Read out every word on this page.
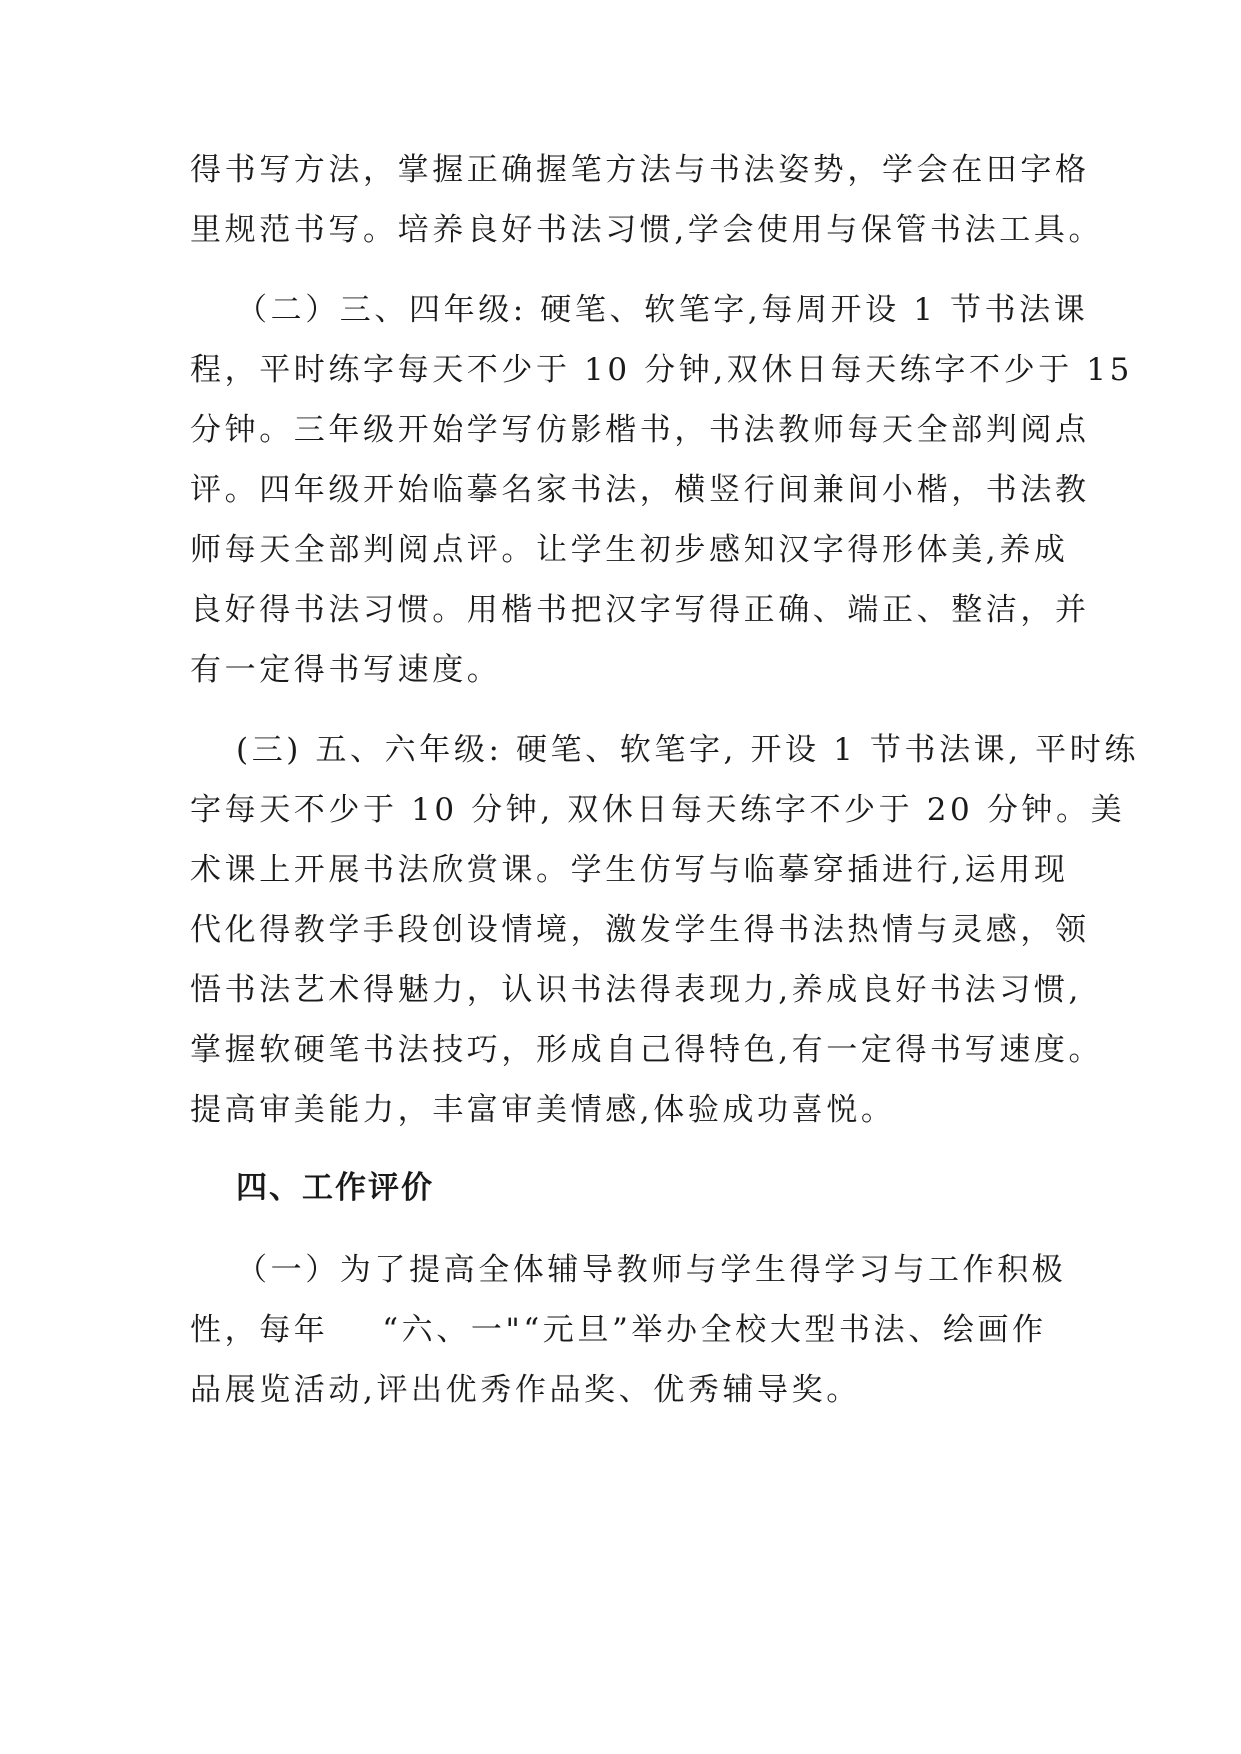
得书写方法，掌握正确握笔方法与书法姿势，学会在田字格
里规范书写。培养良好书法习惯,学会使用与保管书法工具。
（二）三、四年级: 硬笔、软笔字,每周开设 1 节书法课
程，平时练字每天不少于 10 分钟,双休日每天练字不少于 15
分钟。三年级开始学写仿影楷书，书法教师每天全部判阅点
评。四年级开始临摹名家书法，横竖行间兼间小楷，书法教
师每天全部判阅点评。让学生初步感知汉字得形体美,养成
良好得书法习惯。用楷书把汉字写得正确、端正、整洁，并
有一定得书写速度。
(三) 五、六年级: 硬笔、软笔字, 开设 1 节书法课, 平时练
字每天不少于 10 分钟, 双休日每天练字不少于 20 分钟。美
术课上开展书法欣赏课。学生仿写与临摹穿插进行,运用现
代化得教学手段创设情境，激发学生得书法热情与灵感，领
悟书法艺术得魅力，认识书法得表现力,养成良好书法习惯,
掌握软硬笔书法技巧，形成自己得特色,有一定得书写速度。
提高审美能力，丰富审美情感,体验成功喜悦。
四、工作评价
（一）为了提高全体辅导教师与学生得学习与工作积极
性，每年    “六、一"“元旦”举办全校大型书法、绘画作
品展览活动,评出优秀作品奖、优秀辅导奖。
